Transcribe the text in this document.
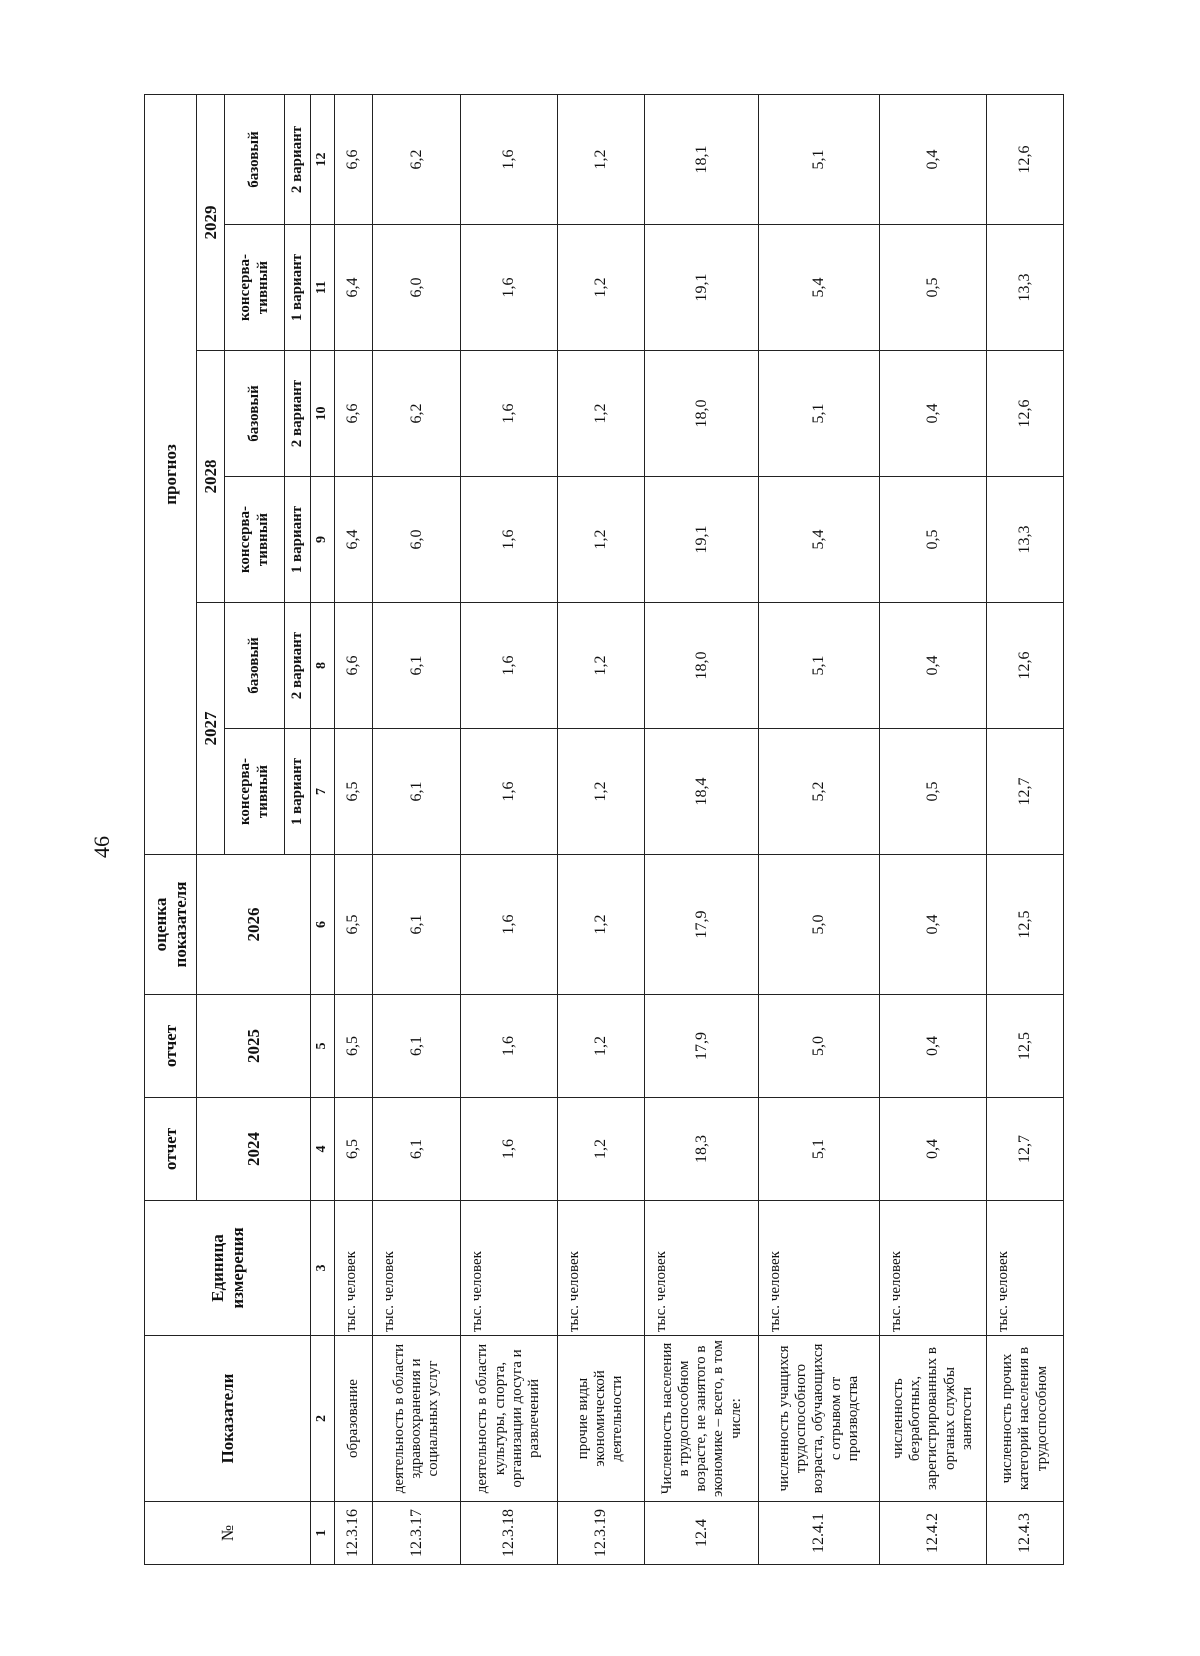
46
№	Показатели	Единица измерения	отчет	отчет	оценка показателя	прогноз					
			2024	2025	2026	2027		2028		2029	
						консерва-тивный	базовый	консерва-тивный	базовый	консерва-тивный	базовый
						1 вариант	2 вариант	1 вариант	2 вариант	1 вариант	2 вариант
1	2	3	4	5	6	7	8	9	10	11	12
12.3.16	образование	тыс. человек	6,5	6,5	6,5	6,5	6,6	6,4	6,6	6,4	6,6
12.3.17	деятельность в области здравоохранения и социальных услуг	тыс. человек	6,1	6,1	6,1	6,1	6,1	6,0	6,2	6,0	6,2
12.3.18	деятельность в области культуры, спорта, организации досуга и развлечений	тыс. человек	1,6	1,6	1,6	1,6	1,6	1,6	1,6	1,6	1,6
12.3.19	прочие виды экономической деятельности	тыс. человек	1,2	1,2	1,2	1,2	1,2	1,2	1,2	1,2	1,2
12.4	Численность населения в трудоспособном возрасте, не занятого в экономике – всего, в том числе:	тыс. человек	18,3	17,9	17,9	18,4	18,0	19,1	18,0	19,1	18,1
12.4.1	численность учащихся трудоспособного возраста, обучающихся с отрывом от производства	тыс. человек	5,1	5,0	5,0	5,2	5,1	5,4	5,1	5,4	5,1
12.4.2	численность безработных, зарегистрированных в органах службы занятости	тыс. человек	0,4	0,4	0,4	0,5	0,4	0,5	0,4	0,5	0,4
12.4.3	численность прочих категорий населения в трудоспособном	тыс. человек	12,7	12,5	12,5	12,7	12,6	13,3	12,6	13,3	12,6
